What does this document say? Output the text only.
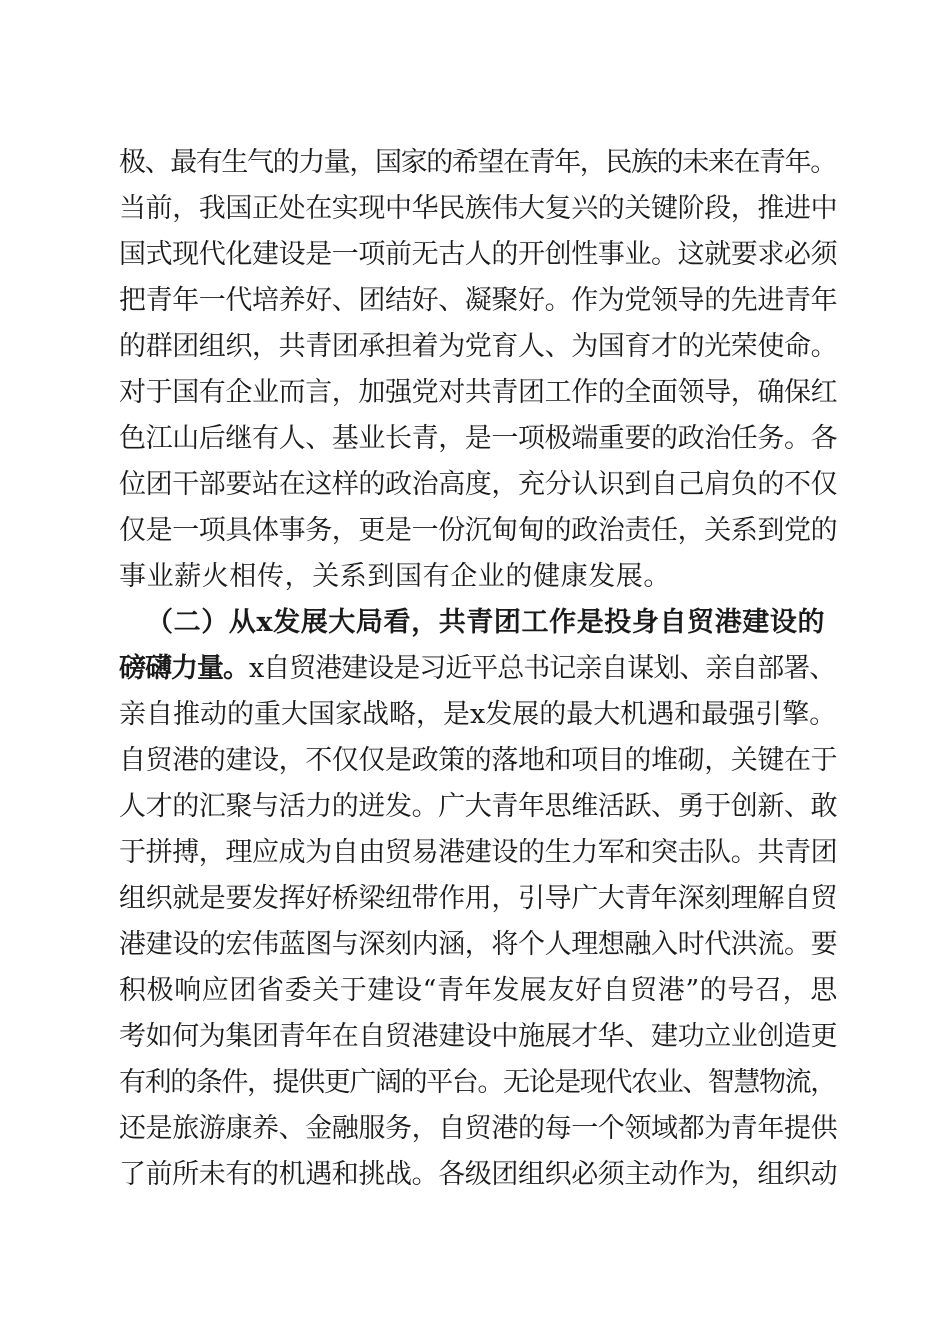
极、最有生气的力量，国家的希望在青年，民族的未来在青年。
当前，我国正处在实现中华民族伟大复兴的关键阶段，推进中
国式现代化建设是一项前无古人的开创性事业。这就要求必须
把青年一代培养好、团结好、凝聚好。作为党领导的先进青年
的群团组织，共青团承担着为党育人、为国育才的光荣使命。
对于国有企业而言，加强党对共青团工作的全面领导，确保红
色江山后继有人、基业长青，是一项极端重要的政治任务。各
位团干部要站在这样的政治高度，充分认识到自己肩负的不仅
仅是一项具体事务，更是一份沉甸甸的政治责任，关系到党的
事业薪火相传，关系到国有企业的健康发展。
（二）从x发展大局看，共青团工作是投身自贸港建设的
磅礴力量。x自贸港建设是习近平总书记亲自谋划、亲自部署、
亲自推动的重大国家战略，是x发展的最大机遇和最强引擎。
自贸港的建设，不仅仅是政策的落地和项目的堆砌，关键在于
人才的汇聚与活力的迸发。广大青年思维活跃、勇于创新、敢
于拼搏，理应成为自由贸易港建设的生力军和突击队。共青团
组织就是要发挥好桥梁纽带作用，引导广大青年深刻理解自贸
港建设的宏伟蓝图与深刻内涵，将个人理想融入时代洪流。要
积极响应团省委关于建设“青年发展友好自贸港”的号召，思
考如何为集团青年在自贸港建设中施展才华、建功立业创造更
有利的条件，提供更广阔的平台。无论是现代农业、智慧物流，
还是旅游康养、金融服务，自贸港的每一个领域都为青年提供
了前所未有的机遇和挑战。各级团组织必须主动作为，组织动
